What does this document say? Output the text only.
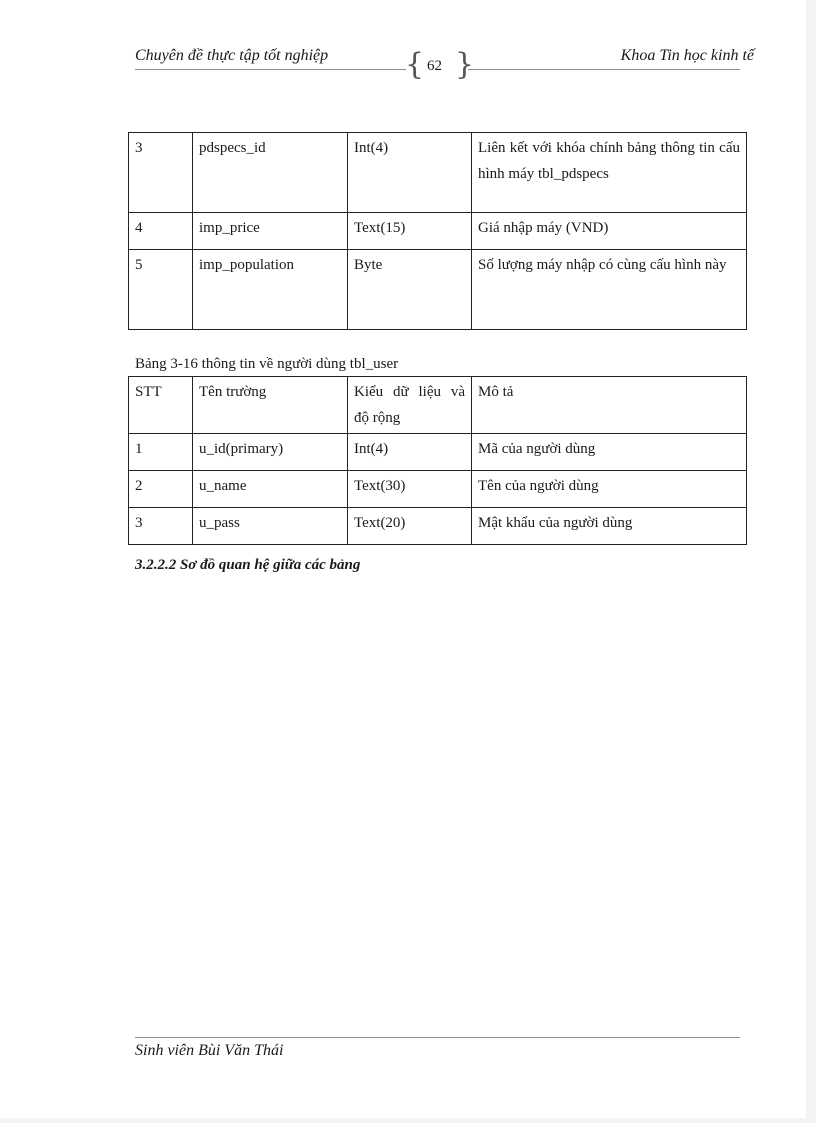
Chuyên đề thực tập tốt nghiệp	Khoa Tin học kinh tế
{ }
62
3	pdspecs_id	Int(4)	Liên kết với khóa chính bảng thông tin cấu hình máy tbl_pdspecs
4	imp_price	Text(15)	Giá nhập máy (VND)
5	imp_population	Byte	Số lượng máy nhập có cùng cấu hình này
Bảng 3-16 thông tin về người dùng tbl_user
STT	Tên trường	Kiểu dữ liệu và độ rộng	Mô tả
1	u_id(primary)	Int(4)	Mã của người dùng
2	u_name	Text(30)	Tên của người dùng
3	u_pass	Text(20)	Mật khẩu của người dùng
3.2.2.2 Sơ đồ quan hệ giữa các bảng
Sinh viên Bùi Văn Thái
